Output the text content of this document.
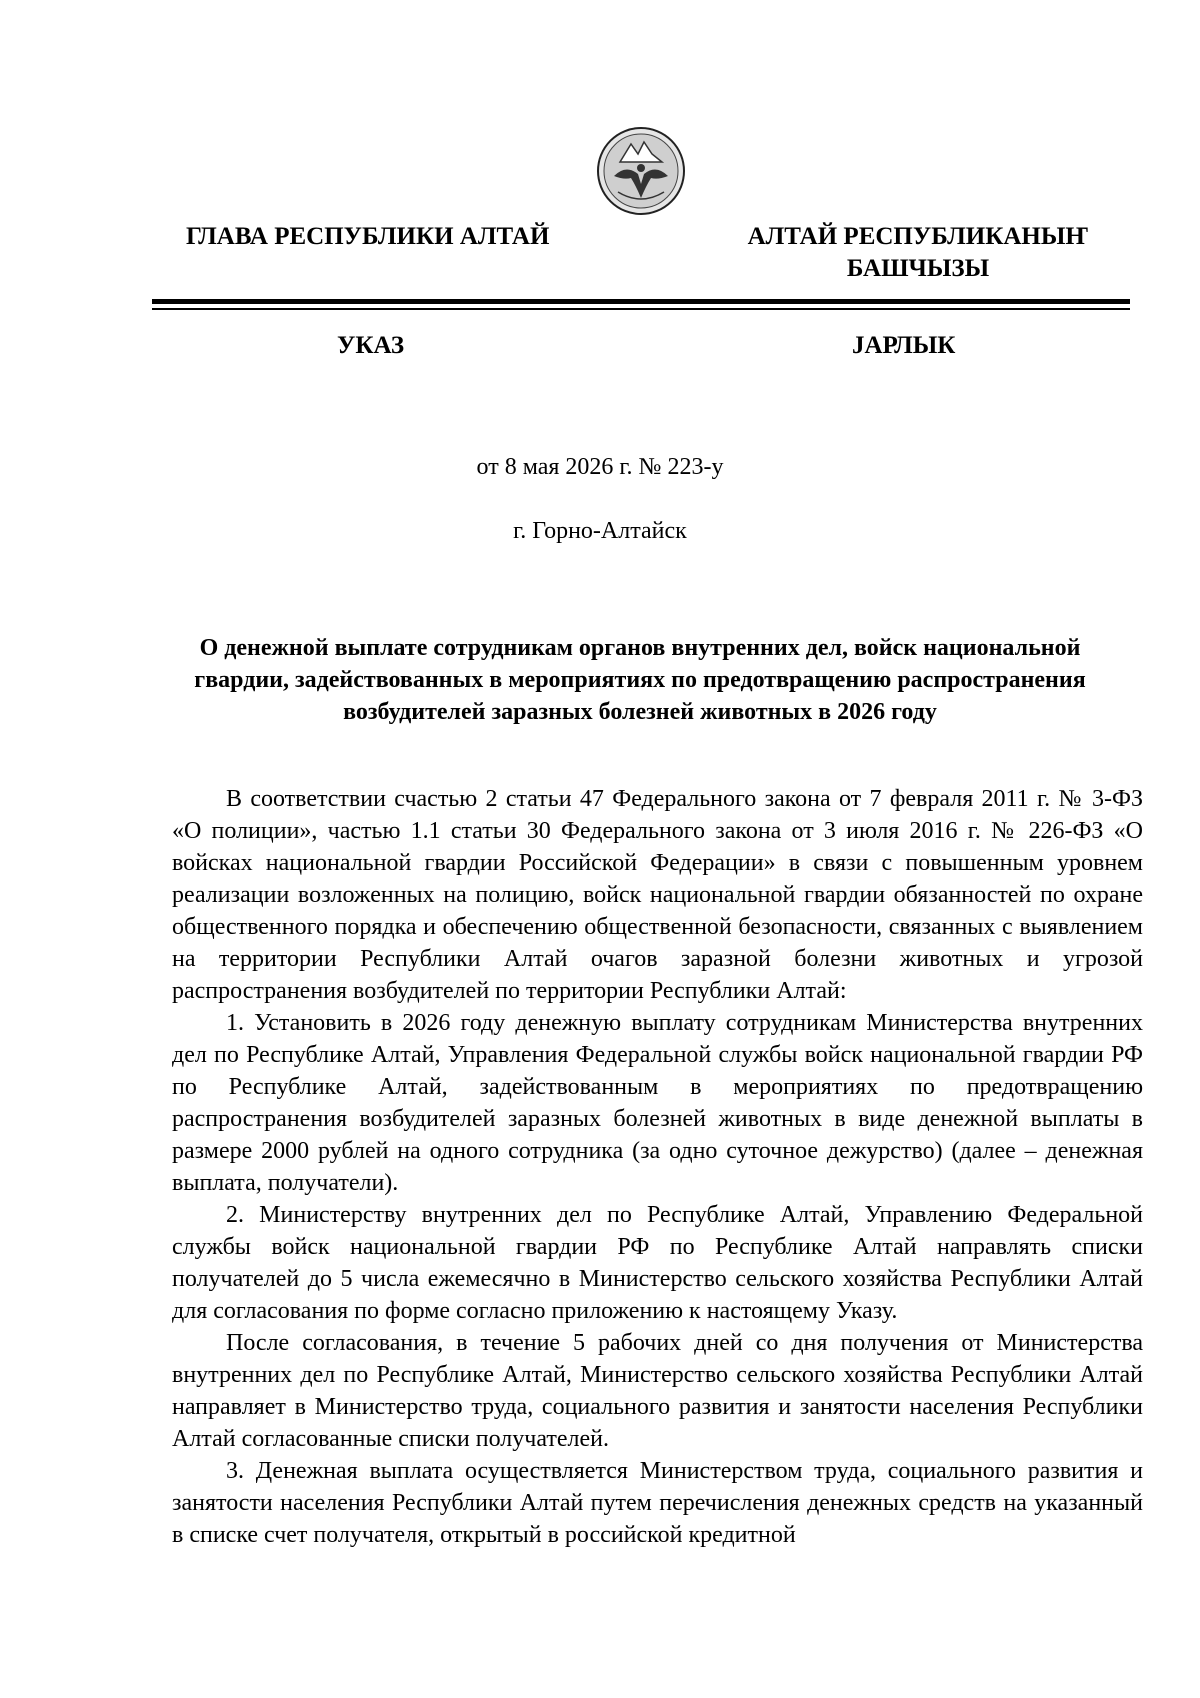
ГЛАВА РЕСПУБЛИКИ АЛТАЙ	АЛТАЙ РЕСПУБЛИКАНЫҤ
БАШЧЫЗЫ
УКАЗ	ЈАРЛЫК
от 8 мая 2026 г. № 223-у
г. Горно-Алтайск
О денежной выплате сотрудникам органов внутренних дел, войск национальной
гвардии, задействованных в мероприятиях по предотвращению распространения
возбудителей заразных болезней животных в 2026 году

В соответствии счастью 2 статьи 47 Федерального закона от 7 февраля 2011 г. № 3-ФЗ «О полиции», частью 1.1 статьи 30 Федерального закона от 3 июля 2016 г. № 226-ФЗ «О войсках национальной гвардии Российской Федерации» в связи с повышенным уровнем реализации возложенных на полицию, войск национальной гвардии обязанностей по охране общественного порядка и обеспечению общественной безопасности, связанных с выявлением на территории Республики Алтай очагов заразной болезни животных и угрозой распространения возбудителей по территории Республики Алтай:

1. Установить в 2026 году денежную выплату сотрудникам Министерства внутренних дел по Республике Алтай, Управления Федеральной службы войск национальной гвардии РФ по Республике Алтай, задействованным в мероприятиях по предотвращению распространения возбудителей заразных болезней животных в виде денежной выплаты в размере 2000 рублей на одного сотрудника (за одно суточное дежурство) (далее – денежная выплата, получатели).

2. Министерству внутренних дел по Республике Алтай, Управлению Федеральной службы войск национальной гвардии РФ по Республике Алтай направлять списки получателей до 5 числа ежемесячно в Министерство сельского хозяйства Республики Алтай для согласования по форме согласно приложению к настоящему Указу.

После согласования, в течение 5 рабочих дней со дня получения от Министерства внутренних дел по Республике Алтай, Министерство сельского хозяйства Республики Алтай направляет в Министерство труда, социального развития и занятости населения Республики Алтай согласованные списки получателей.

3. Денежная выплата осуществляется Министерством труда, социального развития и занятости населения Республики Алтай путем перечисления денежных средств на указанный в списке счет получателя, открытый в российской кредитной
